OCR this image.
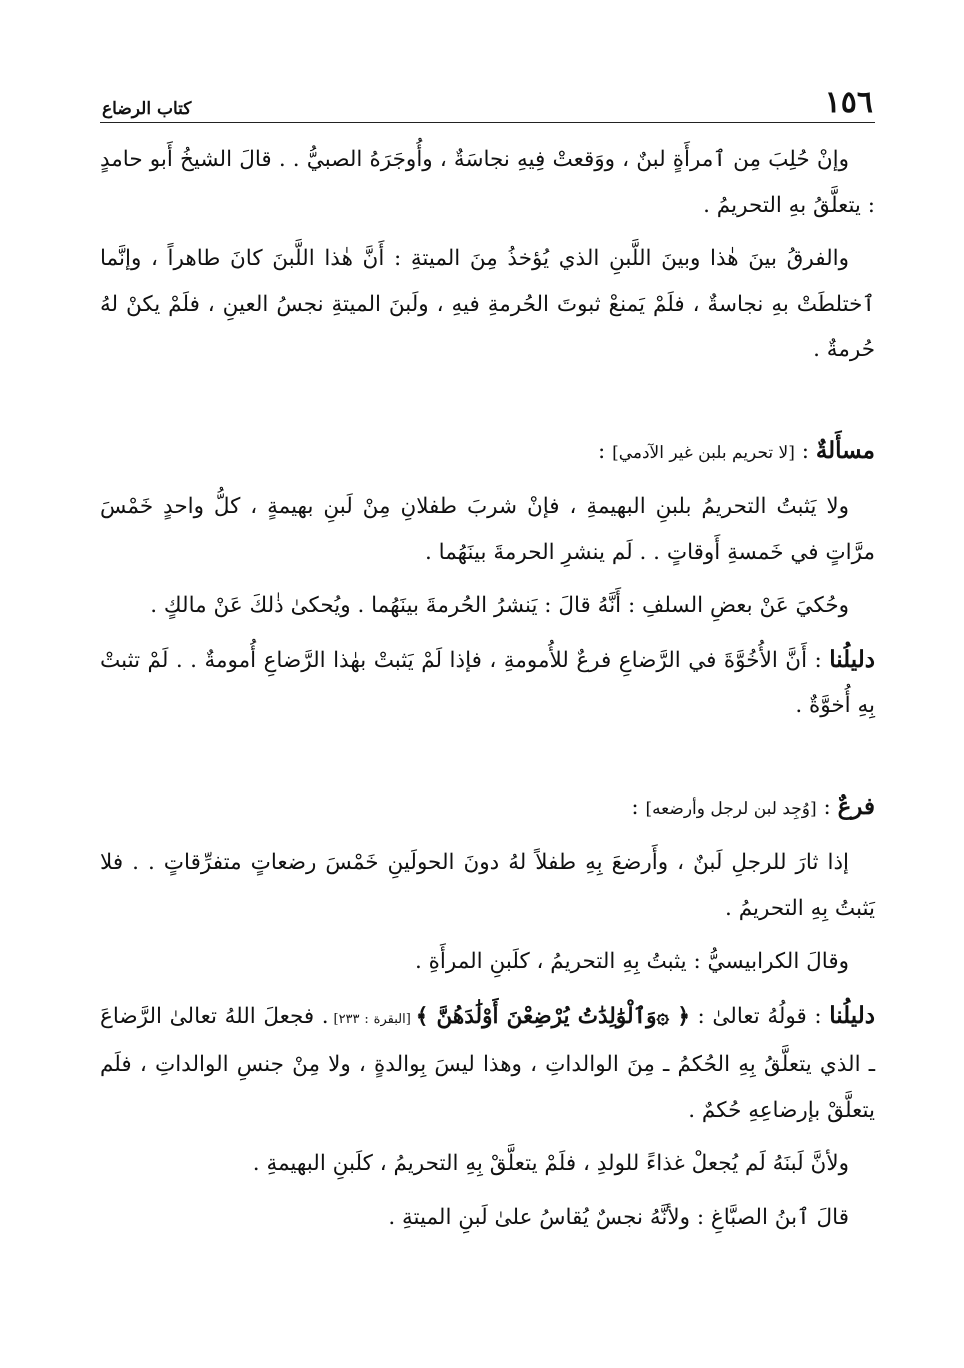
١٥٦
كتاب الرضاع

وإنْ حُلِبَ مِن ٱمرأَةٍ لبنٌ ، ووَقعتْ فِيهِ نجاسَةٌ ، وأُوجَرَهُ الصبيُّ . . قالَ الشيخُ أَبو حامدٍ : يتعلَّقُ بهِ التحريمُ .

والفرقُ بينَ هٰذا وبينَ اللَّبنِ الذي يُؤخذُ مِنَ الميتةِ : أَنَّ هٰذا اللَّبنَ كانَ طاهراً ، وإنَّما ٱختلطَتْ بهِ نجاسةٌ ، فلَمْ يَمنعْ ثبوتَ الحُرمةِ فيهِ ، ولَبنَ الميتةِ نجسُ العينِ ، فلَمْ يكنْ لهُ حُرمةٌ .

مسأَلةٌ : [لا تحريم بلبن غير الآدمي] :

ولا يَثبتُ التحريمُ بلبنِ البهيمةِ ، فإنْ شربَ طفلانِ مِنْ لَبنِ بهيمةٍ ، كلُّ واحدٍ خَمْسَ مرَّاتٍ في خَمسةِ أَوقاتٍ . . لَم ينشرِ الحرمةَ بينَهُما .

وحُكيَ عَنْ بعضِ السلفِ : أَنَّهُ قالَ : يَنشرُ الحُرمةَ بينَهُما . ويُحكىٰ ذٰلكَ عَنْ مالكٍ .

دليلُنا : أَنَّ الأُخُوَّةَ في الرَّضاعِ فرعٌ للأُمومةِ ، فإذا لَمْ يَثبتْ بهٰذا الرَّضاعِ أُمومةٌ . . لَمْ تثبتْ بِهِ أُخوَّةٌ .

فرعٌ : [وُجِد لبن لرجل وأرضعه] :

إذا ثارَ للرجلِ لَبنٌ ، وأَرضعَ بِهِ طفلاً لهُ دونَ الحولَينِ خَمْسَ رضعاتٍ متفرِّقاتٍ . . فلا يَثبتُ بِهِ التحريمُ .

وقالَ الكرابيسيُّ : يثبتُ بِهِ التحريمُ ، كلَبنِ المرأَةِ .

دليلُنا : قولُهُ تعالىٰ : ﴿ ۞وَٱلْوَٰلِدَٰتُ يُرْضِعْنَ أَوْلَٰدَهُنَّ ﴾ [البقرة : ٢٣٣] . فجعلَ اللهُ تعالىٰ الرَّضاعَ ـ الذي يتعلَّقُ بِهِ الحُكمُ ـ مِنَ الوالداتِ ، وهذا ليسَ بِوالدةٍ ، ولا مِنْ جنسِ الوالداتِ ، فلَم يتعلَّقْ بإرضاعِهِ حُكمٌ .

ولأنَّ لَبنَهُ لَم يُجعلْ غذاءً للولدِ ، فلَمْ يتعلَّقْ بِهِ التحريمُ ، كلَبنِ البهيمةِ .

قالَ ٱبنُ الصبَّاغِ : ولأنَّهُ نجسٌ يُقاسُ علىٰ لَبنِ الميتةِ .
